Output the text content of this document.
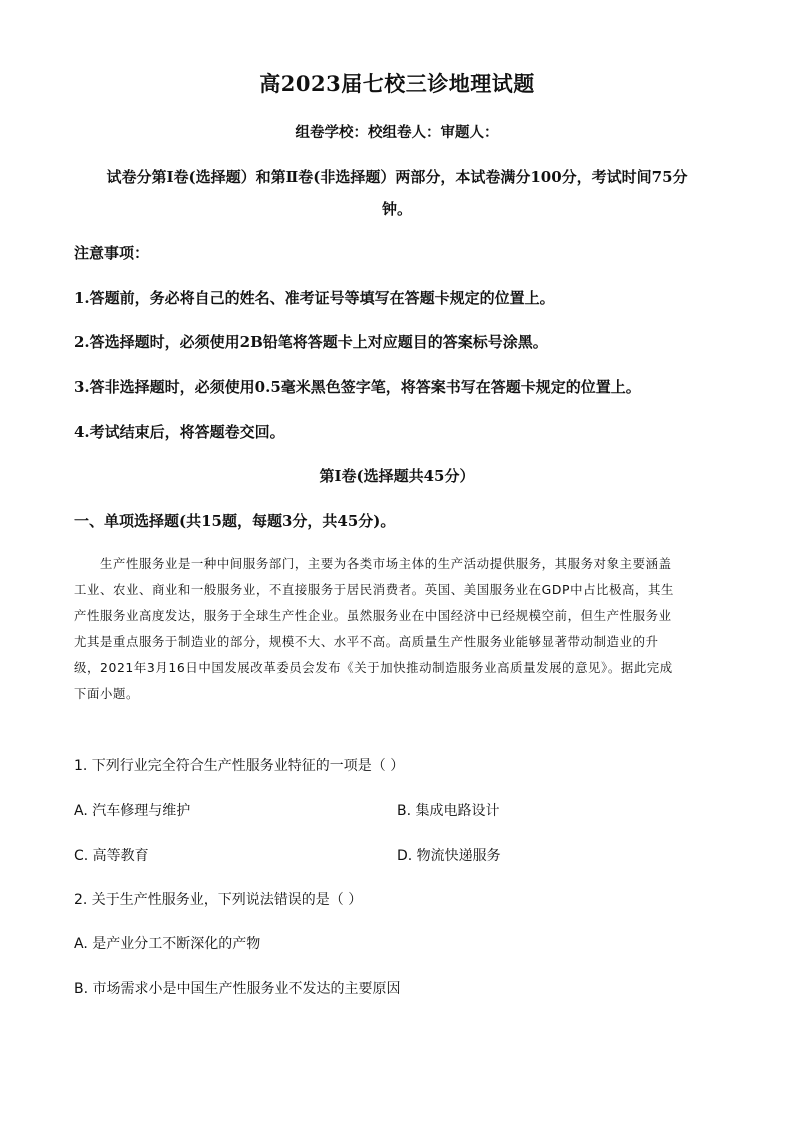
高2023届七校三诊地理试题
组卷学校：校组卷人：审题人：
试卷分第Ⅰ卷(选择题）和第Ⅱ卷(非选择题）两部分，本试卷满分100分，考试时间75分
钟。
注意事项：
1.答题前，务必将自己的姓名、准考证号等填写在答题卡规定的位置上。
2.答选择题时，必须使用2B铅笔将答题卡上对应题目的答案标号涂黑。
3.答非选择题时，必须使用0.5毫米黑色签字笔，将答案书写在答题卡规定的位置上。
4.考试结束后，将答题卷交回。
第Ⅰ卷(选择题共45分）
一、单项选择题(共15题，每题3分，共45分)。
生产性服务业是一种中间服务部门，主要为各类市场主体的生产活动提供服务，其服务对象主要涵盖
工业、农业、商业和一般服务业，不直接服务于居民消费者。英国、美国服务业在GDP中占比极高，其生
产性服务业高度发达，服务于全球生产性企业。虽然服务业在中国经济中已经规模空前，但生产性服务业
尤其是重点服务于制造业的部分，规模不大、水平不高。高质量生产性服务业能够显著带动制造业的升
级，2021年3月16日中国发展改革委员会发布《关于加快推动制造服务业高质量发展的意见》。据此完成
下面小题。
1. 下列行业完全符合生产性服务业特征的一项是（ ）
A. 汽车修理与维护	B. 集成电路设计
C. 高等教育	D. 物流快递服务
2. 关于生产性服务业，下列说法错误的是（ ）
A. 是产业分工不断深化的产物
B. 市场需求小是中国生产性服务业不发达的主要原因
